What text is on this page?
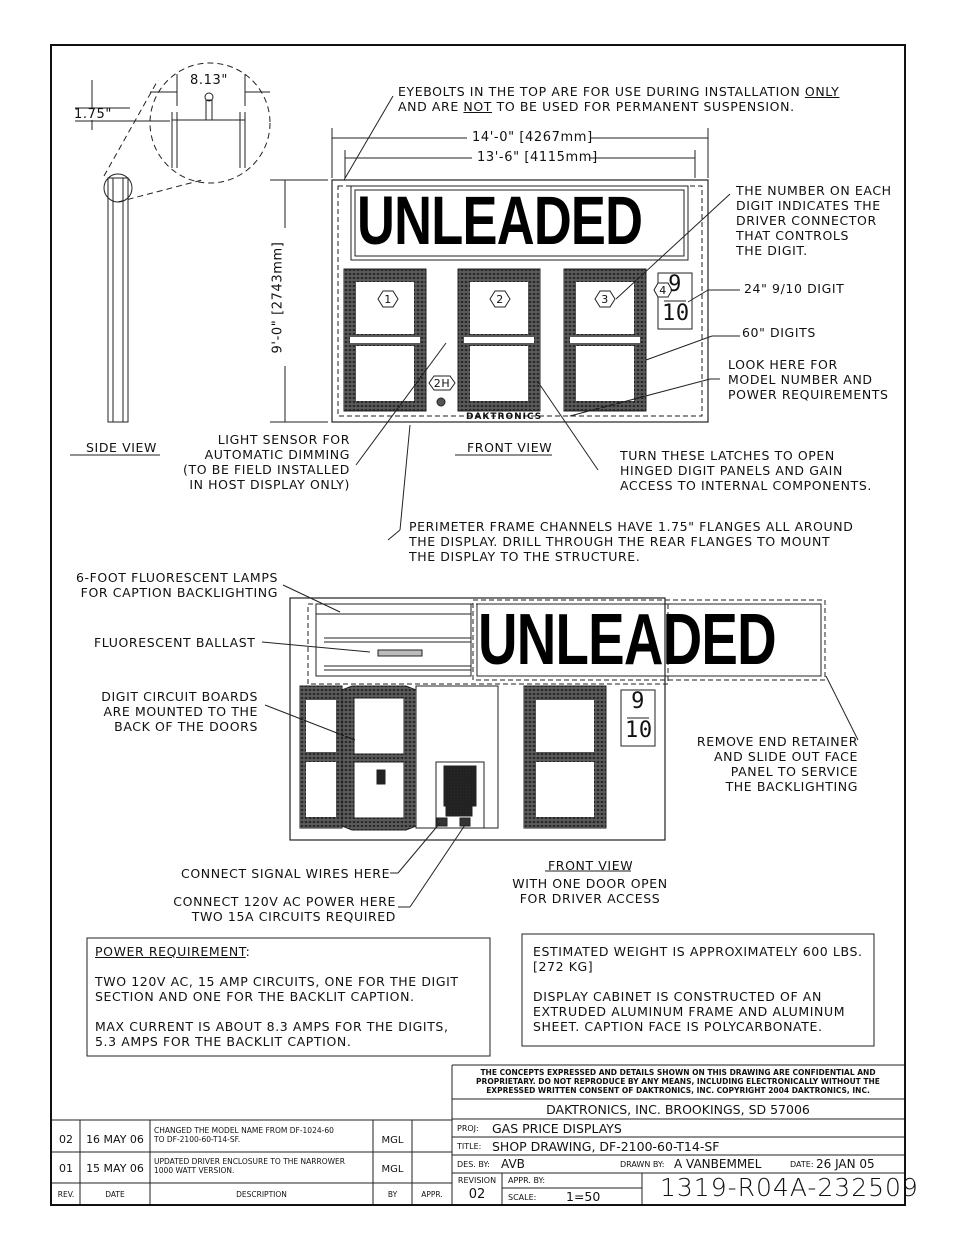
8.13"
1.75"
SIDE VIEW
EYEBOLTS IN THE TOP ARE FOR USE DURING INSTALLATION ONLY
AND ARE NOT TO BE USED FOR PERMANENT SUSPENSION.
14'-0" [4267mm]
13'-6" [4115mm]
9'-0" [2743mm]
UNLEADED
1	2	3
4
2H
9
10
DAKTRONICS
FRONT VIEW
THE NUMBER ON EACH
DIGIT INDICATES THE
DRIVER CONNECTOR
THAT CONTROLS
THE DIGIT.
24" 9/10 DIGIT
60" DIGITS
LOOK HERE FOR
MODEL NUMBER AND
POWER REQUIREMENTS
LIGHT SENSOR FOR
AUTOMATIC DIMMING
(TO BE FIELD INSTALLED
IN HOST DISPLAY ONLY)
TURN THESE LATCHES TO OPEN
HINGED DIGIT PANELS AND GAIN
ACCESS TO INTERNAL COMPONENTS.
PERIMETER FRAME CHANNELS HAVE 1.75" FLANGES ALL AROUND
THE DISPLAY. DRILL THROUGH THE REAR FLANGES TO MOUNT
THE DISPLAY TO THE STRUCTURE.
6-FOOT FLUORESCENT LAMPS
FOR CAPTION BACKLIGHTING
FLUORESCENT BALLAST
DIGIT CIRCUIT BOARDS
ARE MOUNTED TO THE
BACK OF THE DOORS
UNLEADED
9
10	REMOVE END RETAINER
AND SLIDE OUT FACE
PANEL TO SERVICE
THE BACKLIGHTING
CONNECT SIGNAL WIRES HERE
CONNECT 120V AC POWER HERE
TWO 15A CIRCUITS REQUIRED
FRONT VIEW
WITH ONE DOOR OPEN
FOR DRIVER ACCESS
POWER REQUIREMENT:

TWO 120V AC, 15 AMP CIRCUITS, ONE FOR THE DIGIT
SECTION AND ONE FOR THE BACKLIT CAPTION.

MAX CURRENT IS ABOUT 8.3 AMPS FOR THE DIGITS,
5.3 AMPS FOR THE BACKLIT CAPTION.
ESTIMATED WEIGHT IS APPROXIMATELY 600 LBS.
[272 KG]

DISPLAY CABINET IS CONSTRUCTED OF AN
EXTRUDED ALUMINUM FRAME AND ALUMINUM
SHEET. CAPTION FACE IS POLYCARBONATE.
THE CONCEPTS EXPRESSED AND DETAILS SHOWN ON THIS DRAWING ARE CONFIDENTIAL AND
PROPRIETARY. DO NOT REPRODUCE BY ANY MEANS, INCLUDING ELECTRONICALLY WITHOUT THE
EXPRESSED WRITTEN CONSENT OF DAKTRONICS, INC. COPYRIGHT 2004 DAKTRONICS, INC.
DAKTRONICS, INC. BROOKINGS, SD 57006
PROJ: GAS PRICE DISPLAYS
TITLE: SHOP DRAWING, DF-2100-60-T14-SF
DES. BY: AVB	DRAWN BY: A VANBEMMEL	DATE: 26 JAN 05
REVISION
02
APPR. BY:
SCALE: 1=50 1319-R04A-232509
02	16 MAY 06
CHANGED THE MODEL NAME FROM DF-1024-60
TO DF-2100-60-T14-SF.	MGL
01	15 MAY 06
UPDATED DRIVER ENCLOSURE TO THE NARROWER
1000 WATT VERSION.	MGL
REV.	DATE	DESCRIPTION	BY	APPR.
